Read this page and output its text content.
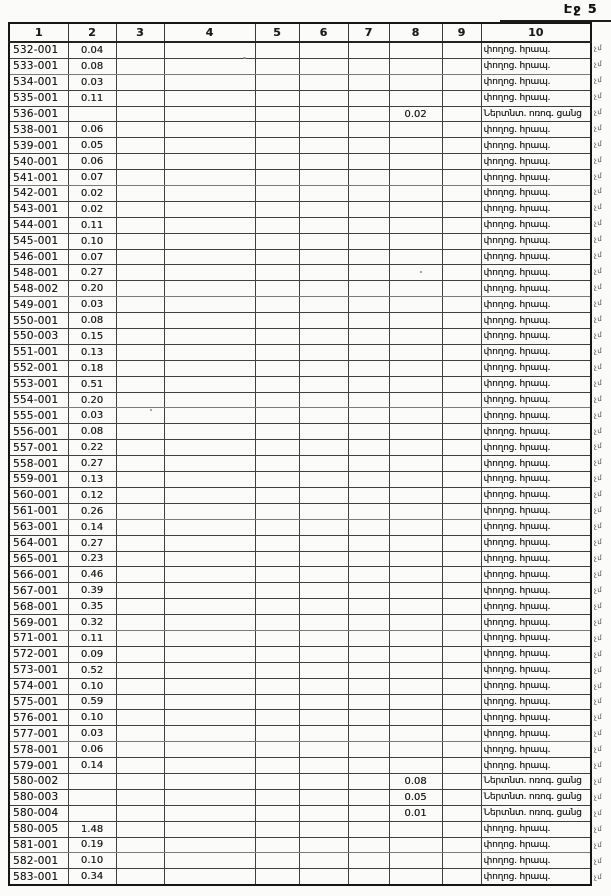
Էջ 5
1	2	3	4	5	6	7	8	9	10
532-001	0.04								փողոց. հրապ.
533-001	0.08								փողոց. հրապ.
534-001	0.03								փողոց. հրապ.
535-001	0.11								փողոց. հրապ.
536-001							0.02		Ներտնտ. ոռոգ. ցանց
538-001	0.06								փողոց. հրապ.
539-001	0.05								փողոց. հրապ.
540-001	0.06								փողոց. հրապ.
541-001	0.07								փողոց. հրապ.
542-001	0.02								փողոց. հրապ.
543-001	0.02								փողոց. հրապ.
544-001	0.11								փողոց. հրապ.
545-001	0.10								փողոց. հրապ.
546-001	0.07								փողոց. հրապ.
548-001	0.27								փողոց. հրապ.
548-002	0.20								փողոց. հրապ.
549-001	0.03								փողոց. հրապ.
550-001	0.08								փողոց. հրապ.
550-003	0.15								փողոց. հրապ.
551-001	0.13								փողոց. հրապ.
552-001	0.18								փողոց. հրապ.
553-001	0.51								փողոց. հրապ.
554-001	0.20								փողոց. հրապ.
555-001	0.03								փողոց. հրապ.
556-001	0.08								փողոց. հրապ.
557-001	0.22								փողոց. հրապ.
558-001	0.27								փողոց. հրապ.
559-001	0.13								փողոց. հրապ.
560-001	0.12								փողոց. հրապ.
561-001	0.26								փողոց. հրապ.
563-001	0.14								փողոց. հրապ.
564-001	0.27								փողոց. հրապ.
565-001	0.23								փողոց. հրապ.
566-001	0.46								փողոց. հրապ.
567-001	0.39								փողոց. հրապ.
568-001	0.35								փողոց. հրապ.
569-001	0.32								փողոց. հրապ.
571-001	0.11								փողոց. հրապ.
572-001	0.09								փողոց. հրապ.
573-001	0.52								փողոց. հրապ.
574-001	0.10								փողոց. հրապ.
575-001	0.59								փողոց. հրապ.
576-001	0.10								փողոց. հրապ.
577-001	0.03								փողոց. հրապ.
578-001	0.06								փողոց. հրապ.
579-001	0.14								փողոց. հրապ.
580-002							0.08		Ներտնտ. ոռոգ. ցանց
580-003							0.05		Ներտնտ. ոռոգ. ցանց
580-004							0.01		Ներտնտ. ոռոգ. ցանց
580-005	1.48								փողոց. հրապ.
581-001	0.19								փողոց. հրապ.
582-001	0.10								փողոց. հրապ.
583-001	0.34								փողոց. հրապ.
չմ
չմ
չմ
չմ
չմ
չմ
չմ
չմ
չմ
չմ
չմ
չմ
չմ
չմ
չմ
չմ
չմ
չմ
չմ
չմ
չմ
չմ
չմ
չմ
չմ
չմ
չմ
չմ
չմ
չմ
չմ
չմ
չմ
չմ
չմ
չմ
չմ
չմ
չմ
չմ
չմ
չմ
չմ
չմ
չմ
չմ
չմ
չմ
չմ
չմ
չմ
չմ
չմ
